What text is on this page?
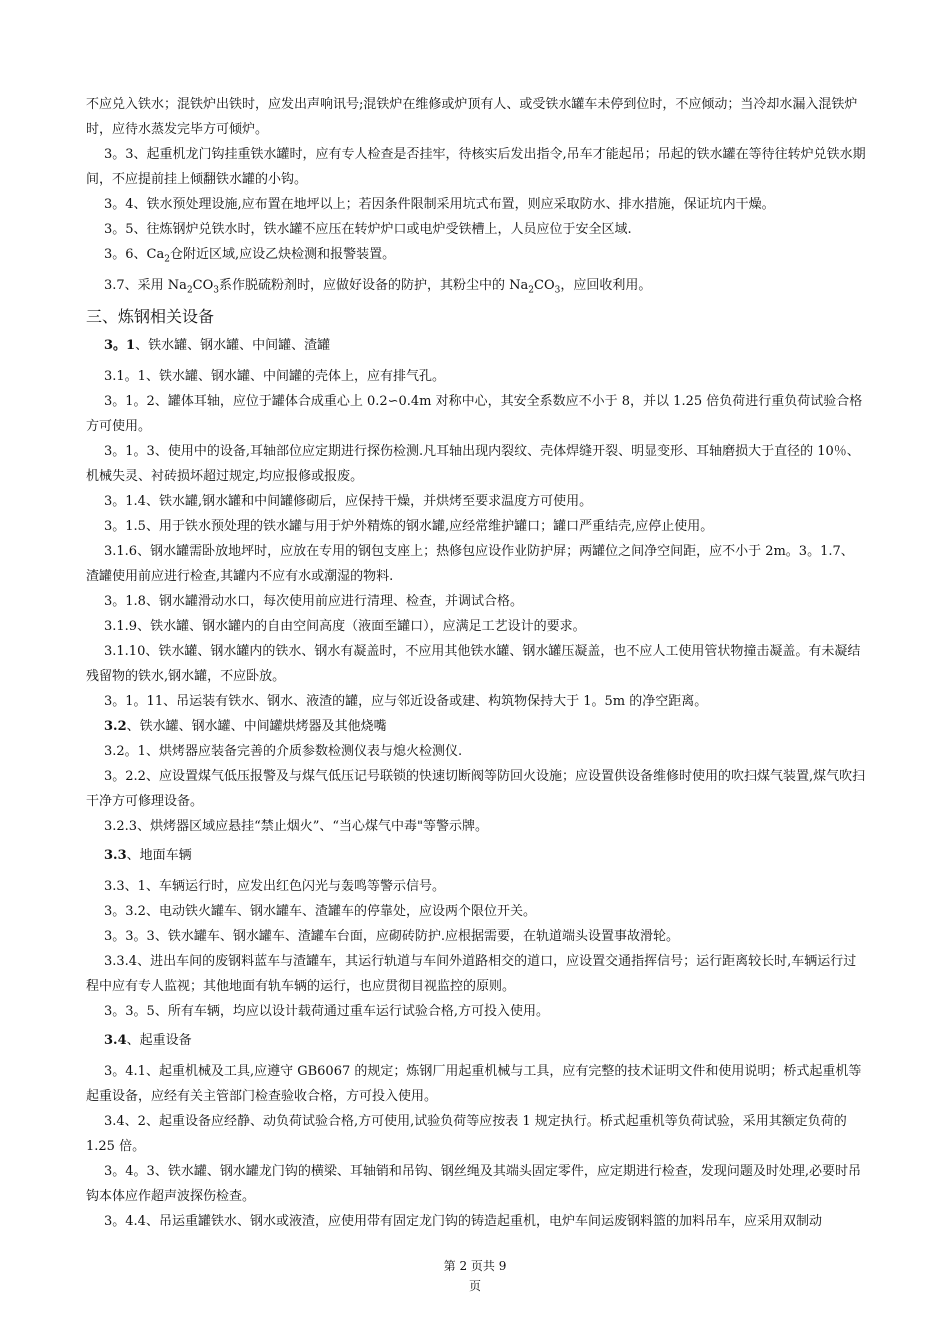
不应兑入铁水；混铁炉出铁时，应发出声响讯号;混铁炉在维修或炉顶有人、或受铁水罐车未停到位时，不应倾动；当冷却水漏入混铁炉时，应待水蒸发完毕方可倾炉。

3。3、起重机龙门钩挂重铁水罐时，应有专人检查是否挂牢，待核实后发出指令,吊车才能起吊；吊起的铁水罐在等待往转炉兑铁水期间，不应提前挂上倾翻铁水罐的小钩。

3。4、铁水预处理设施,应布置在地坪以上；若因条件限制采用坑式布置，则应采取防水、排水措施，保证坑内干燥。

3。5、往炼钢炉兑铁水时，铁水罐不应压在转炉炉口或电炉受铁槽上，人员应位于安全区域.

3。6、$Ca_2$仓附近区域,应设乙炔检测和报警装置。

3.7、采用 $Na_2CO_3$系作脱硫粉剂时，应做好设备的防护，其粉尘中的 $Na_2CO_3$，应回收利用。

三、炼钢相关设备

3。1、铁水罐、钢水罐、中间罐、渣罐

3.1。1、铁水罐、钢水罐、中间罐的壳体上，应有排气孔。

3。1。2、罐体耳轴，应位于罐体合成重心上 0.2∽0.4m 对称中心，其安全系数应不小于 8，并以 1.25 倍负荷进行重负荷试验合格方可使用。

3。1。3、使用中的设备,耳轴部位应定期进行探伤检测.凡耳轴出现内裂纹、壳体焊缝开裂、明显变形、耳轴磨损大于直径的 10％、机械失灵、衬砖损坏超过规定,均应报修或报废。

3。1.4、铁水罐,钢水罐和中间罐修砌后，应保持干燥，并烘烤至要求温度方可使用。

3。1.5、用于铁水预处理的铁水罐与用于炉外精炼的钢水罐,应经常维护罐口；罐口严重结壳,应停止使用。

3.1.6、钢水罐需卧放地坪时，应放在专用的钢包支座上；热修包应设作业防护屏；两罐位之间净空间距，应不小于 2m。3。1.7、渣罐使用前应进行检查,其罐内不应有水或潮湿的物料.

3。1.8、钢水罐滑动水口，每次使用前应进行清理、检查，并调试合格。

3.1.9、铁水罐、钢水罐内的自由空间高度（液面至罐口），应满足工艺设计的要求。

3.1.10、铁水罐、钢水罐内的铁水、钢水有凝盖时，不应用其他铁水罐、钢水罐压凝盖，也不应人工使用管状物撞击凝盖。有未凝结残留物的铁水,钢水罐，不应卧放。

3。1。11、吊运装有铁水、钢水、液渣的罐，应与邻近设备或建、构筑物保持大于 1。5m 的净空距离。

3.2、铁水罐、钢水罐、中间罐烘烤器及其他烧嘴

3.2。1、烘烤器应装备完善的介质参数检测仪表与熄火检测仪.

3。2.2、应设置煤气低压报警及与煤气低压记号联锁的快速切断阀等防回火设施；应设置供设备维修时使用的吹扫煤气装置,煤气吹扫干净方可修理设备。

3.2.3、烘烤器区域应悬挂“禁止烟火”、“当心煤气中毒"等警示牌。

3.3、地面车辆

3.3、1、车辆运行时，应发出红色闪光与轰鸣等警示信号。

3。3.2、电动铁火罐车、钢水罐车、渣罐车的停靠处，应设两个限位开关。

3。3。3、铁水罐车、钢水罐车、渣罐车台面，应砌砖防护.应根据需要，在轨道端头设置事故滑轮。

3.3.4、进出车间的废钢料蓝车与渣罐车，其运行轨道与车间外道路相交的道口，应设置交通指挥信号；运行距离较长时,车辆运行过程中应有专人监视；其他地面有轨车辆的运行，也应贯彻目视监控的原则。

3。3。5、所有车辆，均应以设计载荷通过重车运行试验合格,方可投入使用。

3.4、起重设备

3。4.1、起重机械及工具,应遵守 GB6067 的规定；炼钢厂用起重机械与工具，应有完整的技术证明文件和使用说明；桥式起重机等起重设备，应经有关主管部门检查验收合格，方可投入使用。

3.4、2、起重设备应经静、动负荷试验合格,方可使用,试验负荷等应按表 1 规定执行。桥式起重机等负荷试验，采用其额定负荷的 1.25 倍。

3。4。3、铁水罐、钢水罐龙门钩的横梁、耳轴销和吊钩、钢丝绳及其端头固定零件，应定期进行检查，发现问题及时处理,必要时吊钩本体应作超声波探伤检查。

3。4.4、吊运重罐铁水、钢水或液渣，应使用带有固定龙门钩的铸造起重机，电炉车间运废钢料篮的加料吊车，应采用双制动

第 2 页共 9
页
